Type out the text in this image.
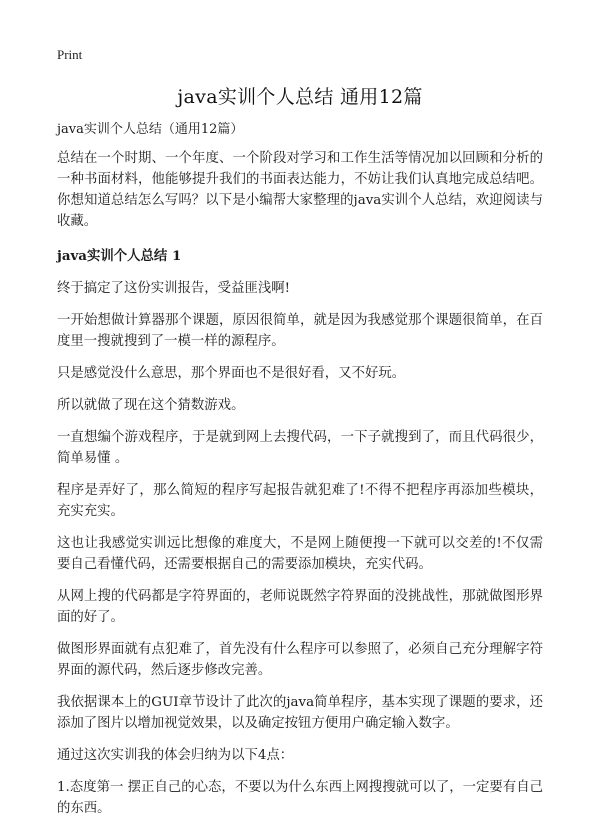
Print
java实训个人总结 通用12篇
java实训个人总结（通用12篇）

总结在一个时期、一个年度、一个阶段对学习和工作生活等情况加以回顾和分析的一种书面材料，他能够提升我们的书面表达能力，不妨让我们认真地完成总结吧。你想知道总结怎么写吗？以下是小编帮大家整理的java实训个人总结，欢迎阅读与收藏。

java实训个人总结 1

终于搞定了这份实训报告，受益匪浅啊!

一开始想做计算器那个课题，原因很简单，就是因为我感觉那个课题很简单，在百度里一搜就搜到了一模一样的源程序。

只是感觉没什么意思，那个界面也不是很好看，又不好玩。

所以就做了现在这个猜数游戏。

一直想编个游戏程序，于是就到网上去搜代码，一下子就搜到了，而且代码很少，简单易懂 。

程序是弄好了，那么简短的程序写起报告就犯难了!不得不把程序再添加些模块，充实充实。

这也让我感觉实训远比想像的难度大，不是网上随便搜一下就可以交差的!不仅需要自己看懂代码，还需要根据自己的需要添加模块，充实代码。

从网上搜的代码都是字符界面的，老师说既然字符界面的没挑战性，那就做图形界面的好了。

做图形界面就有点犯难了，首先没有什么程序可以参照了，必须自己充分理解字符界面的源代码，然后逐步修改完善。

我依据课本上的GUI章节设计了此次的java简单程序，基本实现了课题的要求，还添加了图片以增加视觉效果，以及确定按钮方便用户确定输入数字。

通过这次实训我的体会归纳为以下4点：

1.态度第一 摆正自己的心态，不要以为什么东西上网搜搜就可以了，一定要有自己的东西。
